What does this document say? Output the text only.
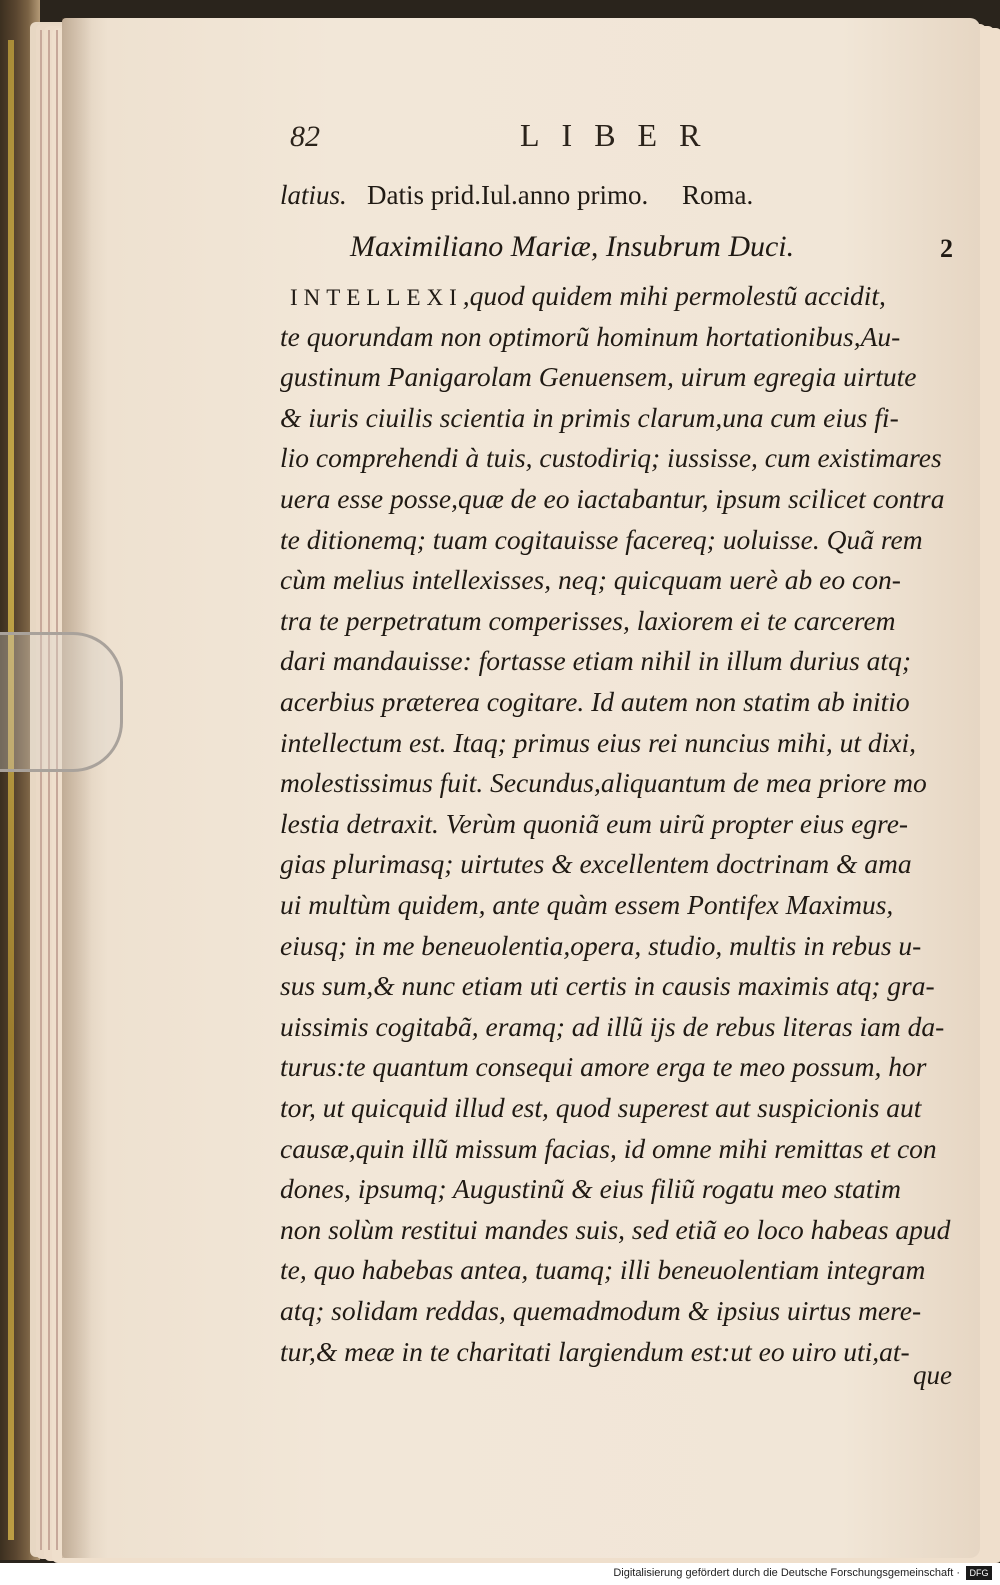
82	LIBER
latius. Datis prid.Iul.anno primo. Roma.
Maximiliano Mariæ, Insubrum Duci.	2
INTELLEXI,quod quidem mihi permolestũ accidit,
te quorundam non optimorũ hominum hortationibus,Au-
gustinum Panigarolam Genuensem, uirum egregia uirtute
& iuris ciuilis scientia in primis clarum,una cum eius fi-
lio comprehendi à tuis, custodiriq; iussisse, cum existimares
uera esse posse,quæ de eo iactabantur, ipsum scilicet contra
te ditionemq; tuam cogitauisse facereq; uoluisse. Quã rem
cùm melius intellexisses, neq; quicquam uerè ab eo con-
tra te perpetratum comperisses, laxiorem ei te carcerem
dari mandauisse: fortasse etiam nihil in illum durius atq;
acerbius præterea cogitare. Id autem non statim ab initio
intellectum est. Itaq; primus eius rei nuncius mihi, ut dixi,
molestissimus fuit. Secundus,aliquantum de mea priore mo
lestia detraxit. Verùm quoniã eum uirũ propter eius egre-
gias plurimasq; uirtutes & excellentem doctrinam & ama
ui multùm quidem, ante quàm essem Pontifex Maximus,
eiusq; in me beneuolentia,opera, studio, multis in rebus u-
sus sum,& nunc etiam uti certis in causis maximis atq; gra-
uissimis cogitabã, eramq; ad illũ ijs de rebus literas iam da-
turus:te quantum consequi amore erga te meo possum, hor
tor, ut quicquid illud est, quod superest aut suspicionis aut
causæ,quin illũ missum facias, id omne mihi remittas et con
dones, ipsumq; Augustinũ & eius filiũ rogatu meo statim
non solùm restitui mandes suis, sed etiã eo loco habeas apud
te, quo habebas antea, tuamq; illi beneuolentiam integram
atq; solidam reddas, quemadmodum & ipsius uirtus mere-
tur,& meæ in te charitati largiendum est:ut eo uiro uti,at-
que
Digitalisierung gefördert durch die Deutsche Forschungsgemeinschaft ·	DFG
